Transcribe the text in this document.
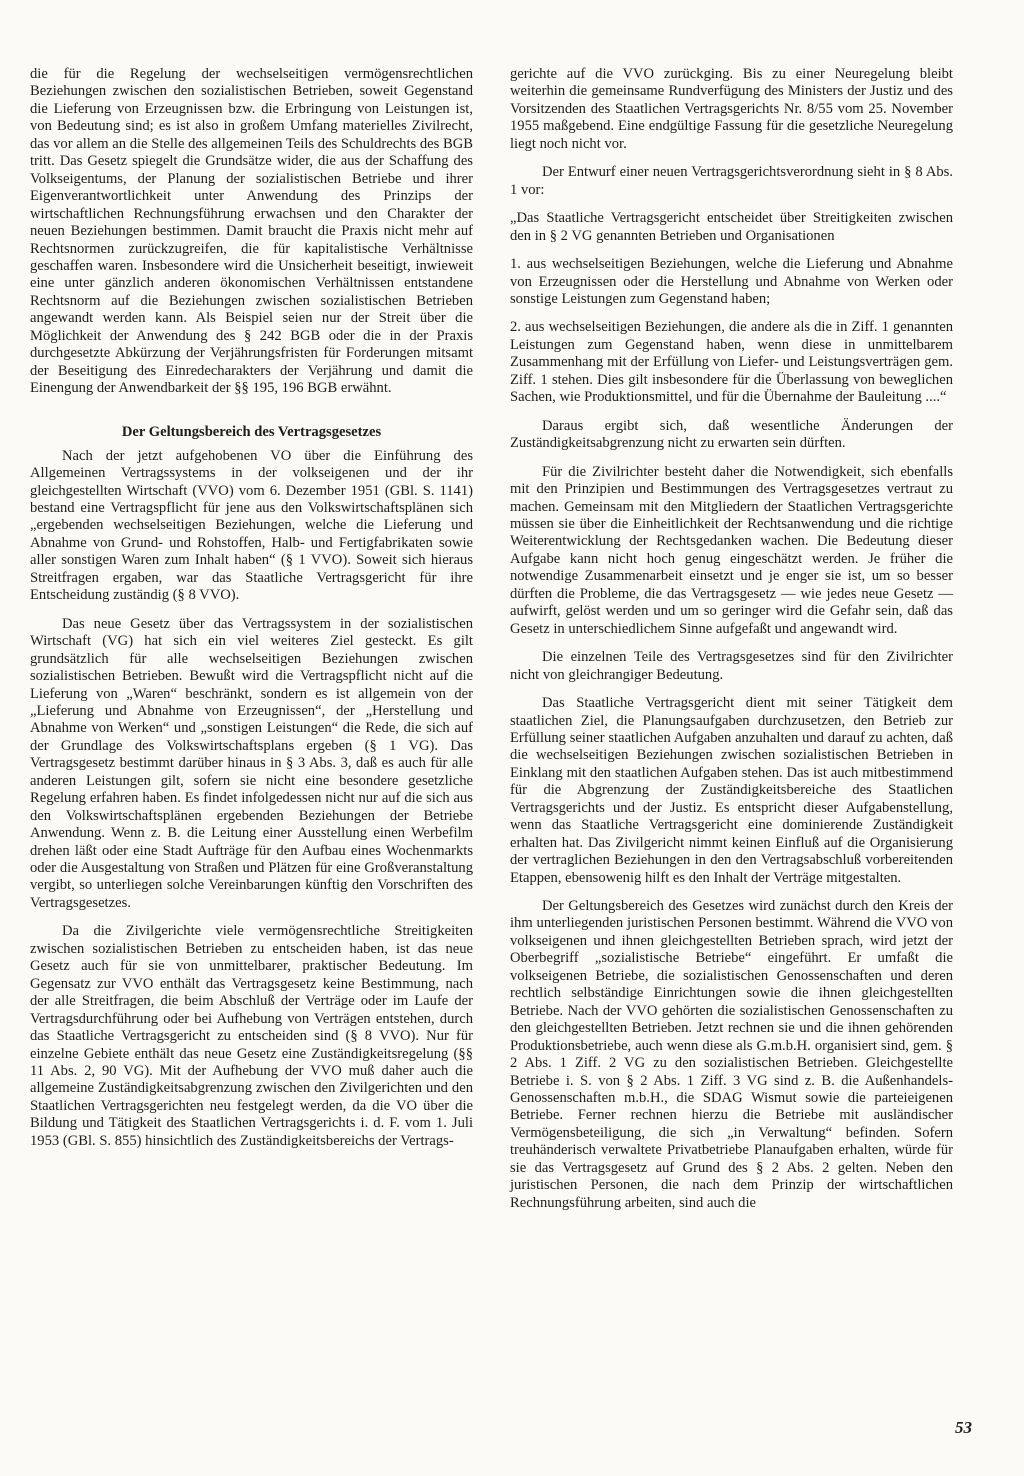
die für die Regelung der wechselseitigen vermögensrechtlichen Beziehungen zwischen den sozialistischen Betrieben, soweit Gegenstand die Lieferung von Erzeugnissen bzw. die Erbringung von Leistungen ist, von Bedeutung sind; es ist also in großem Umfang materielles Zivilrecht, das vor allem an die Stelle des allgemeinen Teils des Schuldrechts des BGB tritt. Das Gesetz spiegelt die Grundsätze wider, die aus der Schaffung des Volkseigentums, der Planung der sozialistischen Betriebe und ihrer Eigenverantwortlichkeit unter Anwendung des Prinzips der wirtschaftlichen Rechnungsführung erwachsen und den Charakter der neuen Beziehungen bestimmen. Damit braucht die Praxis nicht mehr auf Rechtsnormen zurückzugreifen, die für kapitalistische Verhältnisse geschaffen waren. Insbesondere wird die Unsicherheit beseitigt, inwieweit eine unter gänzlich anderen ökonomischen Verhältnissen entstandene Rechtsnorm auf die Beziehungen zwischen sozialistischen Betrieben angewandt werden kann. Als Beispiel seien nur der Streit über die Möglichkeit der Anwendung des § 242 BGB oder die in der Praxis durchgesetzte Abkürzung der Verjährungsfristen für Forderungen mitsamt der Beseitigung des Einredecharakters der Verjährung und damit die Einengung der Anwendbarkeit der §§ 195, 196 BGB erwähnt.

Der Geltungsbereich des Vertragsgesetzes

Nach der jetzt aufgehobenen VO über die Einführung des Allgemeinen Vertragssystems in der volkseigenen und der ihr gleichgestellten Wirtschaft (VVO) vom 6. Dezember 1951 (GBl. S. 1141) bestand eine Vertragspflicht für jene aus den Volkswirtschaftsplänen sich „ergebenden wechselseitigen Beziehungen, welche die Lieferung und Abnahme von Grund- und Rohstoffen, Halb- und Fertigfabrikaten sowie aller sonstigen Waren zum Inhalt haben“ (§ 1 VVO). Soweit sich hieraus Streitfragen ergaben, war das Staatliche Vertragsgericht für ihre Entscheidung zuständig (§ 8 VVO).

Das neue Gesetz über das Vertragssystem in der sozialistischen Wirtschaft (VG) hat sich ein viel weiteres Ziel gesteckt. Es gilt grundsätzlich für alle wechselseitigen Beziehungen zwischen sozialistischen Betrieben. Bewußt wird die Vertragspflicht nicht auf die Lieferung von „Waren“ beschränkt, sondern es ist allgemein von der „Lieferung und Abnahme von Erzeugnissen“, der „Herstellung und Abnahme von Werken“ und „sonstigen Leistungen“ die Rede, die sich auf der Grundlage des Volkswirtschaftsplans ergeben (§ 1 VG). Das Vertragsgesetz bestimmt darüber hinaus in § 3 Abs. 3, daß es auch für alle anderen Leistungen gilt, sofern sie nicht eine besondere gesetzliche Regelung erfahren haben. Es findet infolgedessen nicht nur auf die sich aus den Volkswirtschaftsplänen ergebenden Beziehungen der Betriebe Anwendung. Wenn z. B. die Leitung einer Ausstellung einen Werbefilm drehen läßt oder eine Stadt Aufträge für den Aufbau eines Wochenmarkts oder die Ausgestaltung von Straßen und Plätzen für eine Großveranstaltung vergibt, so unterliegen solche Vereinbarungen künftig den Vorschriften des Vertragsgesetzes.

Da die Zivilgerichte viele vermögensrechtliche Streitigkeiten zwischen sozialistischen Betrieben zu entscheiden haben, ist das neue Gesetz auch für sie von unmittelbarer, praktischer Bedeutung. Im Gegensatz zur VVO enthält das Vertragsgesetz keine Bestimmung, nach der alle Streitfragen, die beim Abschluß der Verträge oder im Laufe der Vertragsdurchführung oder bei Aufhebung von Verträgen entstehen, durch das Staatliche Vertragsgericht zu entscheiden sind (§ 8 VVO). Nur für einzelne Gebiete enthält das neue Gesetz eine Zuständigkeitsregelung (§§ 11 Abs. 2, 90 VG). Mit der Aufhebung der VVO muß daher auch die allgemeine Zuständigkeitsabgrenzung zwischen den Zivilgerichten und den Staatlichen Vertragsgerichten neu festgelegt werden, da die VO über die Bildung und Tätigkeit des Staatlichen Vertragsgerichts i. d. F. vom 1. Juli 1953 (GBl. S. 855) hinsichtlich des Zuständigkeitsbereichs der Vertrags-

gerichte auf die VVO zurückging. Bis zu einer Neuregelung bleibt weiterhin die gemeinsame Rundverfügung des Ministers der Justiz und des Vorsitzenden des Staatlichen Vertragsgerichts Nr. 8/55 vom 25. November 1955 maßgebend. Eine endgültige Fassung für die gesetzliche Neuregelung liegt noch nicht vor.

Der Entwurf einer neuen Vertragsgerichtsverordnung sieht in § 8 Abs. 1 vor:

„Das Staatliche Vertragsgericht entscheidet über Streitigkeiten zwischen den in § 2 VG genannten Betrieben und Organisationen

1. aus wechselseitigen Beziehungen, welche die Lieferung und Abnahme von Erzeugnissen oder die Herstellung und Abnahme von Werken oder sonstige Leistungen zum Gegenstand haben;

2. aus wechselseitigen Beziehungen, die andere als die in Ziff. 1 genannten Leistungen zum Gegenstand haben, wenn diese in unmittelbarem Zusammenhang mit der Erfüllung von Liefer- und Leistungsverträgen gem. Ziff. 1 stehen. Dies gilt insbesondere für die Überlassung von beweglichen Sachen, wie Produktionsmittel, und für die Übernahme der Bauleitung ....“

Daraus ergibt sich, daß wesentliche Änderungen der Zuständigkeitsabgrenzung nicht zu erwarten sein dürften.

Für die Zivilrichter besteht daher die Notwendigkeit, sich ebenfalls mit den Prinzipien und Bestimmungen des Vertragsgesetzes vertraut zu machen. Gemeinsam mit den Mitgliedern der Staatlichen Vertragsgerichte müssen sie über die Einheitlichkeit der Rechtsanwendung und die richtige Weiterentwicklung der Rechtsgedanken wachen. Die Bedeutung dieser Aufgabe kann nicht hoch genug eingeschätzt werden. Je früher die notwendige Zusammenarbeit einsetzt und je enger sie ist, um so besser dürften die Probleme, die das Vertragsgesetz — wie jedes neue Gesetz — aufwirft, gelöst werden und um so geringer wird die Gefahr sein, daß das Gesetz in unterschiedlichem Sinne aufgefaßt und angewandt wird.

Die einzelnen Teile des Vertragsgesetzes sind für den Zivilrichter nicht von gleichrangiger Bedeutung.

Das Staatliche Vertragsgericht dient mit seiner Tätigkeit dem staatlichen Ziel, die Planungsaufgaben durchzusetzen, den Betrieb zur Erfüllung seiner staatlichen Aufgaben anzuhalten und darauf zu achten, daß die wechselseitigen Beziehungen zwischen sozialistischen Betrieben in Einklang mit den staatlichen Aufgaben stehen. Das ist auch mitbestimmend für die Abgrenzung der Zuständigkeitsbereiche des Staatlichen Vertragsgerichts und der Justiz. Es entspricht dieser Aufgabenstellung, wenn das Staatliche Vertragsgericht eine dominierende Zuständigkeit erhalten hat. Das Zivilgericht nimmt keinen Einfluß auf die Organisierung der vertraglichen Beziehungen in den den Vertragsabschluß vorbereitenden Etappen, ebensowenig hilft es den Inhalt der Verträge mitgestalten.

Der Geltungsbereich des Gesetzes wird zunächst durch den Kreis der ihm unterliegenden juristischen Personen bestimmt. Während die VVO von volkseigenen und ihnen gleichgestellten Betrieben sprach, wird jetzt der Oberbegriff „sozialistische Betriebe“ eingeführt. Er umfaßt die volkseigenen Betriebe, die sozialistischen Genossenschaften und deren rechtlich selbständige Einrichtungen sowie die ihnen gleichgestellten Betriebe. Nach der VVO gehörten die sozialistischen Genossenschaften zu den gleichgestellten Betrieben. Jetzt rechnen sie und die ihnen gehörenden Produktionsbetriebe, auch wenn diese als G.m.b.H. organisiert sind, gem. § 2 Abs. 1 Ziff. 2 VG zu den sozialistischen Betrieben. Gleichgestellte Betriebe i. S. von § 2 Abs. 1 Ziff. 3 VG sind z. B. die Außenhandels-Genossenschaften m.b.H., die SDAG Wismut sowie die parteieigenen Betriebe. Ferner rechnen hierzu die Betriebe mit ausländischer Vermögensbeteiligung, die sich „in Verwaltung“ befinden. Sofern treuhänderisch verwaltete Privatbetriebe Planaufgaben erhalten, würde für sie das Vertragsgesetz auf Grund des § 2 Abs. 2 gelten. Neben den juristischen Personen, die nach dem Prinzip der wirtschaftlichen Rechnungsführung arbeiten, sind auch die

53
